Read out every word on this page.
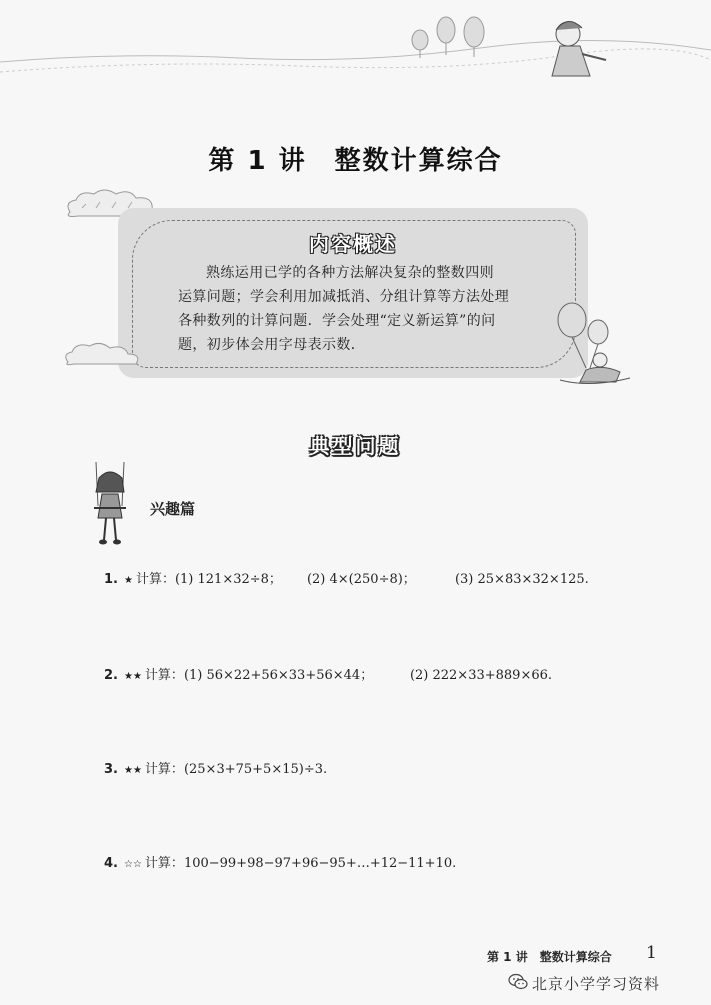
第 1 讲 整数计算综合
内容概述

熟练运用已学的各种方法解决复杂的整数四则

运算问题；学会利用加减抵消、分组计算等方法处理

各种数列的计算问题．学会处理“定义新运算”的问

题，初步体会用字母表示数．

典型问题
兴趣篇
1. ★ 计算：(1) 121×32÷8； (2) 4×(250÷8)；	(3) 25×83×32×125.
2. ★★ 计算：(1) 56×22+56×33+56×44；	(2) 222×33+889×66.
3. ★★ 计算：(25×3+75+5×15)÷3.
4. ☆☆ 计算：100−99+98−97+96−95+…+12−11+10.
第 1 讲 整数计算综合 1
北京小学学习资料
